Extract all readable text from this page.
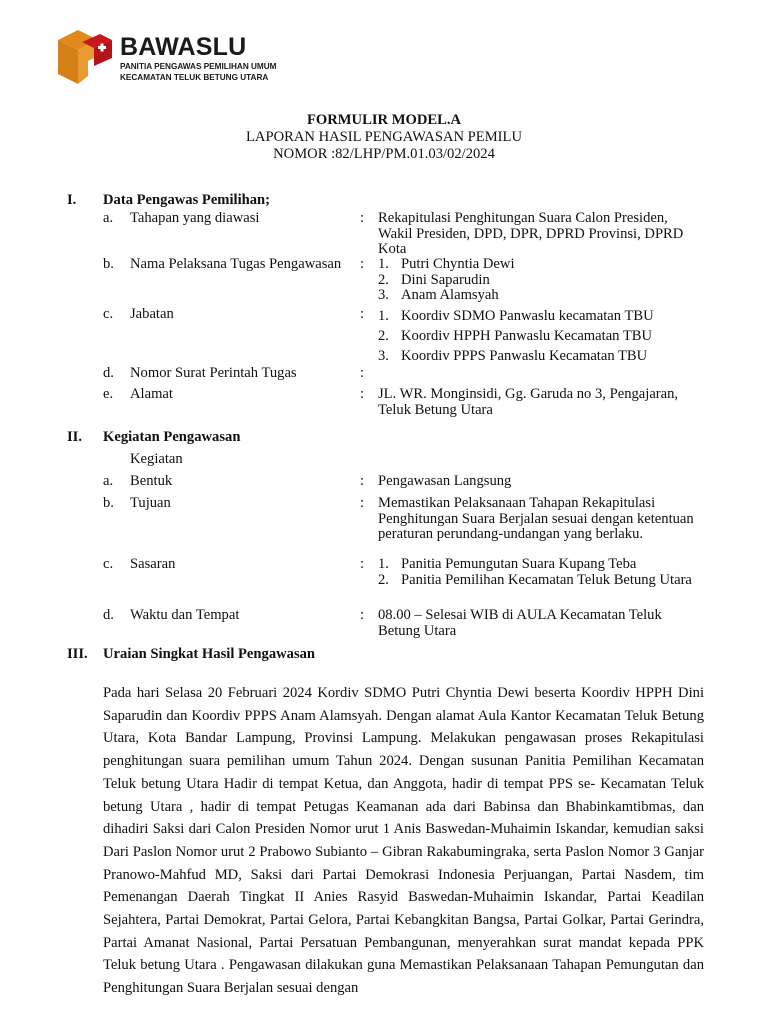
BAWASLU
PANITIA PENGAWAS PEMILIHAN UMUM
KECAMATAN TELUK BETUNG UTARA
FORMULIR MODEL.A
LAPORAN HASIL PENGAWASAN PEMILU
NOMOR :82/LHP/PM.01.03/02/2024
I. Data Pengawas Pemilihan;
a. Tahapan yang diawasi	: Rekapitulasi Penghitungan Suara Calon Presiden, Wakil Presiden, DPD, DPR, DPRD Provinsi, DPRD Kota
b. Nama Pelaksana Tugas Pengawasan : 1. Putri Chyntia Dewi
2. Dini Saparudin
3. Anam Alamsyah
c. Jabatan	: 1. Koordiv SDMO Panwaslu kecamatan TBU
2. Koordiv HPPH Panwaslu Kecamatan TBU
3. Koordiv PPPS Panwaslu Kecamatan TBU
d. Nomor Surat Perintah Tugas	:
e. Alamat	: JL. WR. Monginsidi, Gg. Garuda no 3, Pengajaran, Teluk Betung Utara
II. Kegiatan Pengawasan
Kegiatan
a. Bentuk	: Pengawasan Langsung
b. Tujuan	: Memastikan Pelaksanaan Tahapan Rekapitulasi Penghitungan Suara Berjalan sesuai dengan ketentuan peraturan perundang-undangan yang berlaku.
c. Sasaran	: 1. Panitia Pemungutan Suara Kupang Teba
2. Panitia Pemilihan Kecamatan Teluk Betung Utara
d. Waktu dan Tempat	: 08.00 – Selesai WIB di AULA Kecamatan Teluk Betung Utara
III. Uraian Singkat Hasil Pengawasan

Pada hari Selasa 20 Februari 2024 Kordiv SDMO Putri Chyntia Dewi beserta Koordiv HPPH Dini Saparudin dan Koordiv PPPS Anam Alamsyah. Dengan alamat Aula Kantor Kecamatan Teluk Betung Utara, Kota Bandar Lampung, Provinsi Lampung. Melakukan pengawasan proses Rekapitulasi penghitungan suara pemilihan umum Tahun 2024. Dengan susunan Panitia Pemilihan Kecamatan Teluk betung Utara Hadir di tempat Ketua, dan Anggota, hadir di tempat PPS se- Kecamatan Teluk betung Utara , hadir di tempat Petugas Keamanan ada dari Babinsa dan Bhabinkamtibmas, dan dihadiri Saksi dari Calon Presiden Nomor urut 1 Anis Baswedan-Muhaimin Iskandar, kemudian saksi Dari Paslon Nomor urut 2 Prabowo Subianto – Gibran Rakabumingraka, serta Paslon Nomor 3 Ganjar Pranowo-Mahfud MD, Saksi dari Partai Demokrasi Indonesia Perjuangan, Partai Nasdem, tim Pemenangan Daerah Tingkat II Anies Rasyid Baswedan-Muhaimin Iskandar, Partai Keadilan Sejahtera, Partai Demokrat, Partai Gelora, Partai Kebangkitan Bangsa, Partai Golkar, Partai Gerindra, Partai Amanat Nasional, Partai Persatuan Pembangunan, menyerahkan surat mandat kepada PPK Teluk betung Utara . Pengawasan dilakukan guna Memastikan Pelaksanaan Tahapan Pemungutan dan Penghitungan Suara Berjalan sesuai dengan
